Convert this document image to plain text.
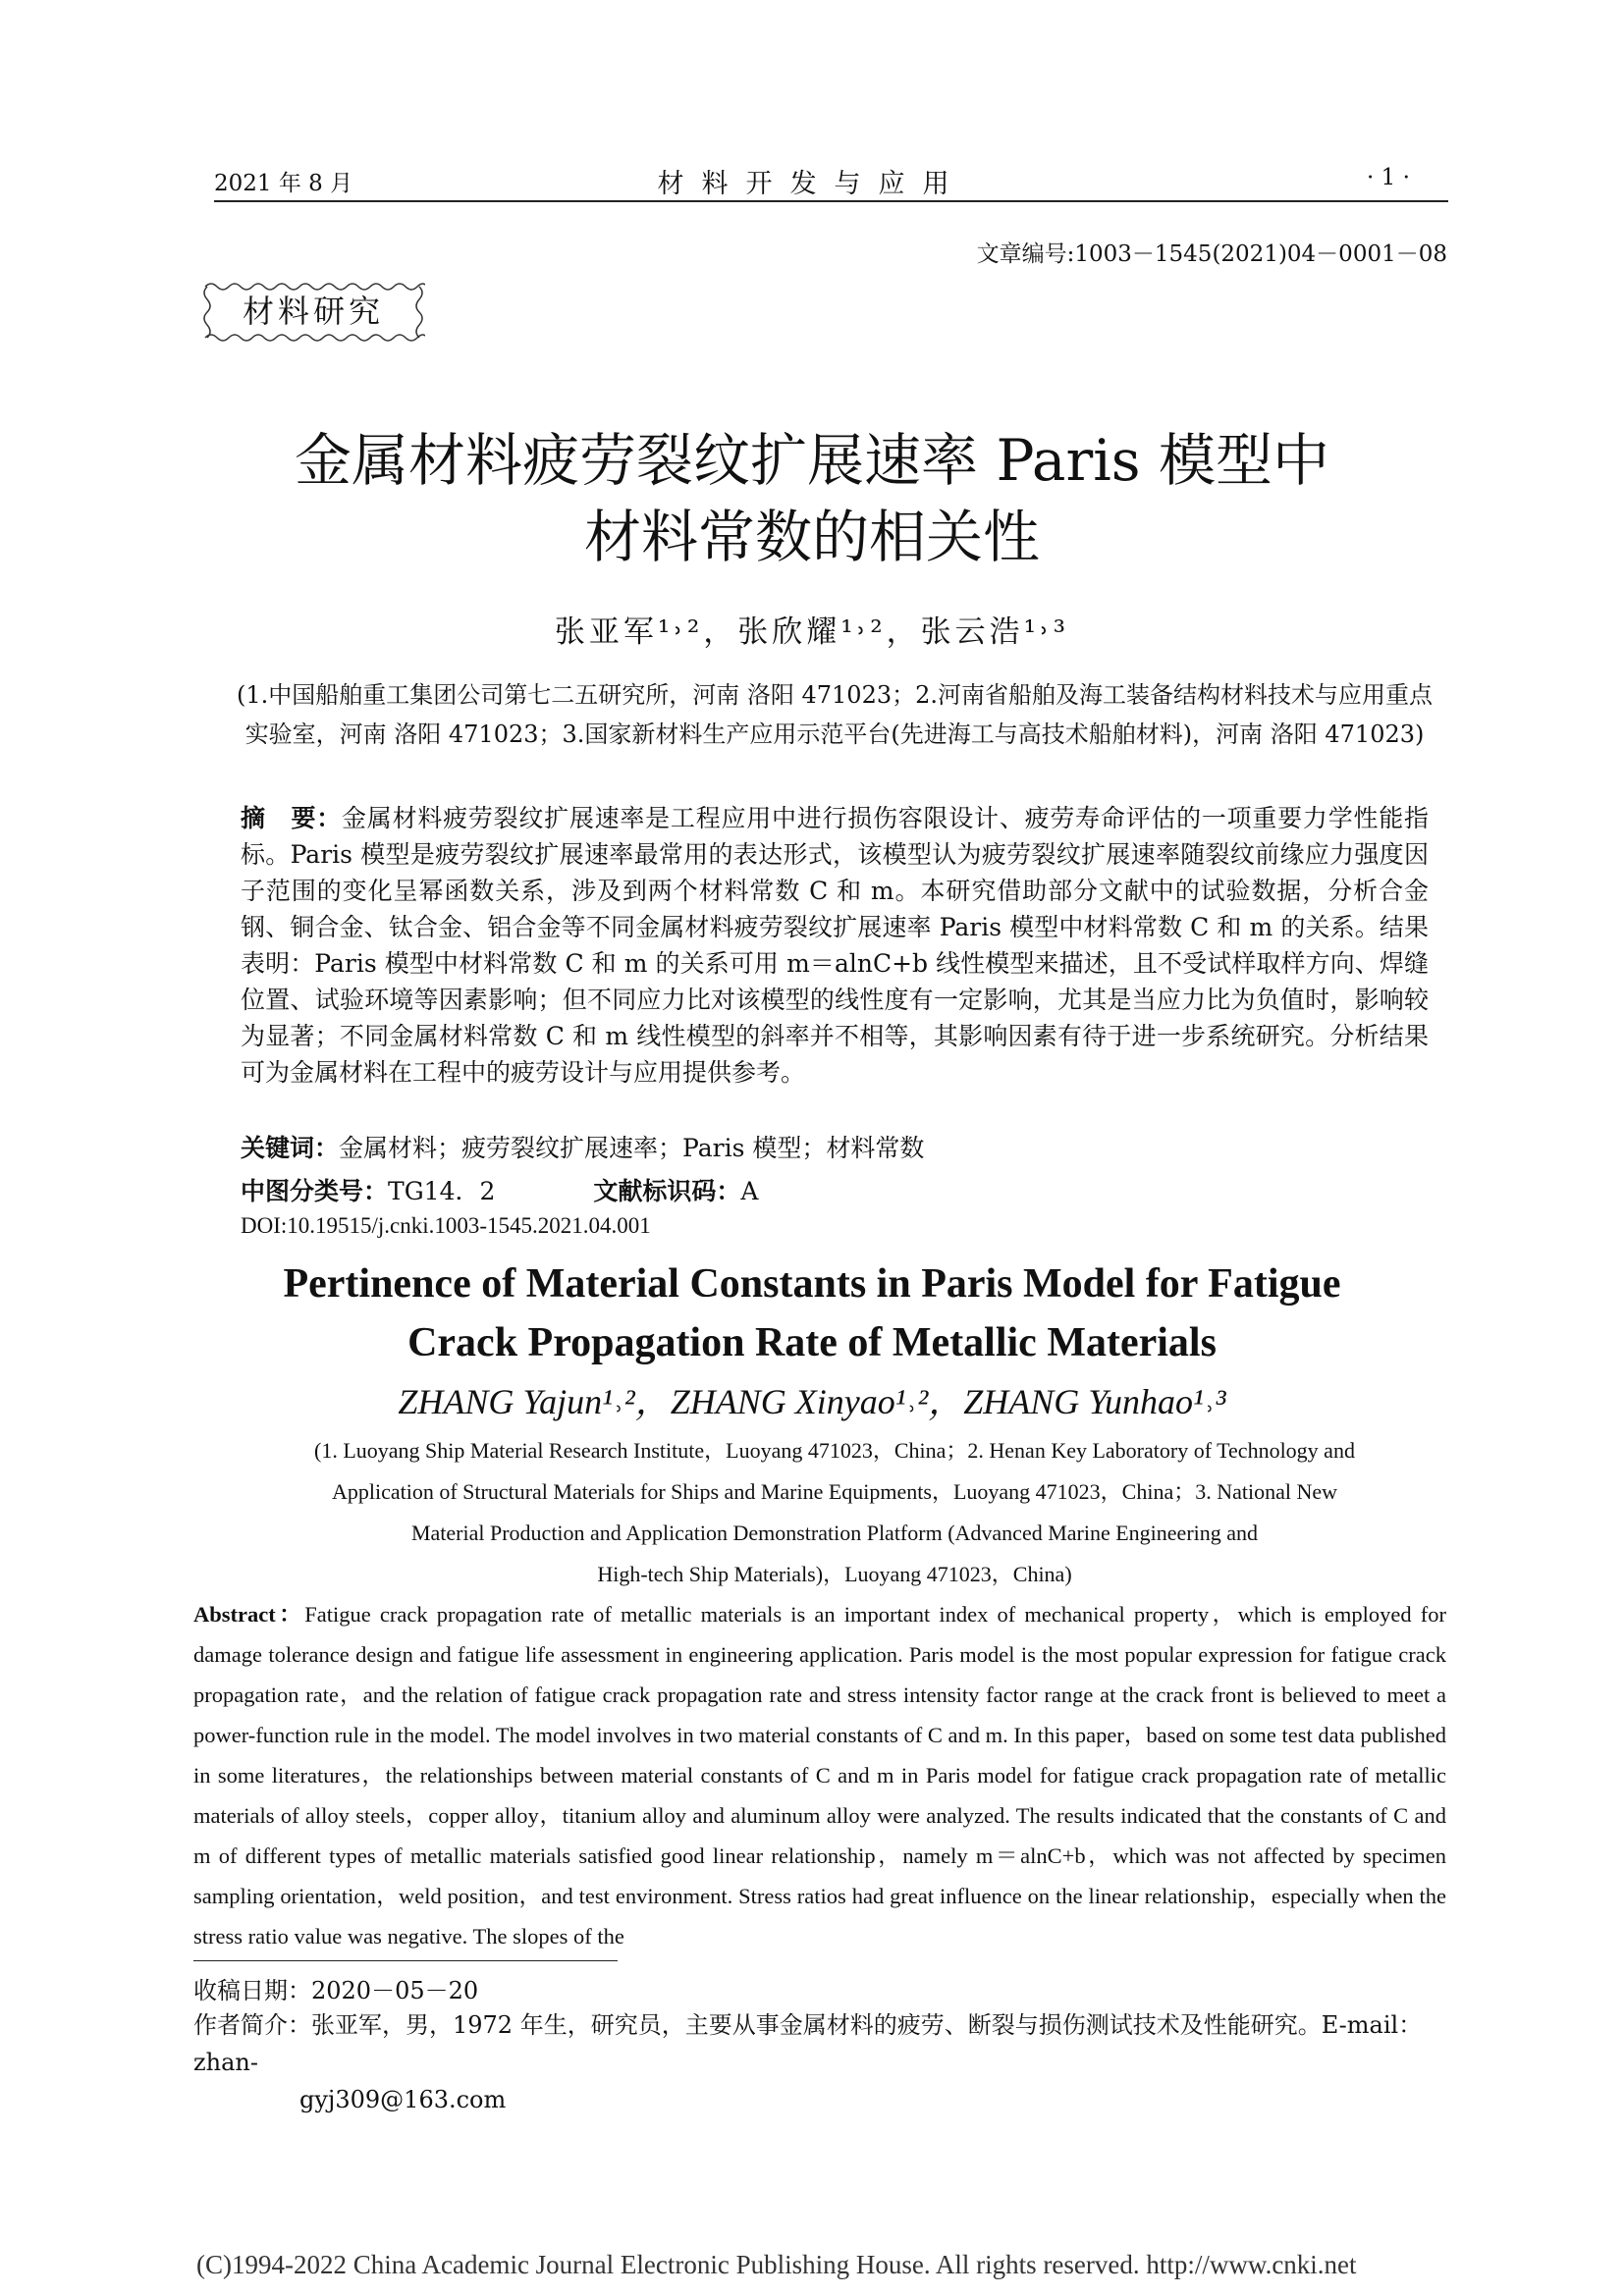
2021 年 8 月	材料开发与应用	· 1 ·
文章编号:1003－1545(2021)04－0001－08
材料研究
金属材料疲劳裂纹扩展速率 Paris 模型中
材料常数的相关性
张亚军¹˒²，张欣耀¹˒²，张云浩¹˒³
(1.中国船舶重工集团公司第七二五研究所，河南 洛阳 471023；2.河南省船舶及海工装备结构材料技术与应用重点实验室，河南 洛阳 471023；3.国家新材料生产应用示范平台(先进海工与高技术船舶材料)，河南 洛阳 471023)
摘　要：金属材料疲劳裂纹扩展速率是工程应用中进行损伤容限设计、疲劳寿命评估的一项重要力学性能指标。Paris 模型是疲劳裂纹扩展速率最常用的表达形式，该模型认为疲劳裂纹扩展速率随裂纹前缘应力强度因子范围的变化呈幂函数关系，涉及到两个材料常数 C 和 m。本研究借助部分文献中的试验数据，分析合金钢、铜合金、钛合金、铝合金等不同金属材料疲劳裂纹扩展速率 Paris 模型中材料常数 C 和 m 的关系。结果表明：Paris 模型中材料常数 C 和 m 的关系可用 m＝alnC+b 线性模型来描述，且不受试样取样方向、焊缝位置、试验环境等因素影响；但不同应力比对该模型的线性度有一定影响，尤其是当应力比为负值时，影响较为显著；不同金属材料常数 C 和 m 线性模型的斜率并不相等，其影响因素有待于进一步系统研究。分析结果可为金属材料在工程中的疲劳设计与应用提供参考。
关键词：金属材料；疲劳裂纹扩展速率；Paris 模型；材料常数
中图分类号：TG14．2	文献标识码：A
DOI:10.19515/j.cnki.1003-1545.2021.04.001
Pertinence of Material Constants in Paris Model for Fatigue
Crack Propagation Rate of Metallic Materials
ZHANG Yajun¹˒²，ZHANG Xinyao¹˒²，ZHANG Yunhao¹˒³
(1. Luoyang Ship Material Research Institute，Luoyang 471023，China；2. Henan Key Laboratory of Technology and
Application of Structural Materials for Ships and Marine Equipments，Luoyang 471023，China；3. National New
Material Production and Application Demonstration Platform (Advanced Marine Engineering and
High-tech Ship Materials)，Luoyang 471023，China)
Abstract：Fatigue crack propagation rate of metallic materials is an important index of mechanical property，which is employed for damage tolerance design and fatigue life assessment in engineering application. Paris model is the most popular expression for fatigue crack propagation rate，and the relation of fatigue crack propagation rate and stress intensity factor range at the crack front is believed to meet a power-function rule in the model. The model involves in two material constants of C and m. In this paper，based on some test data published in some literatures，the relationships between material constants of C and m in Paris model for fatigue crack propagation rate of metallic materials of alloy steels，copper alloy，titanium alloy and aluminum alloy were analyzed. The results indicated that the constants of C and m of different types of metallic materials satisfied good linear relationship，namely m＝alnC+b，which was not affected by specimen sampling orientation，weld position，and test environment. Stress ratios had great influence on the linear relationship，especially when the stress ratio value was negative. The slopes of the
收稿日期：2020－05－20
作者简介：张亚军，男，1972 年生，研究员，主要从事金属材料的疲劳、断裂与损伤测试技术及性能研究。E-mail：zhan-
gyj309@163.com
(C)1994-2022 China Academic Journal Electronic Publishing House. All rights reserved. http://www.cnki.net
